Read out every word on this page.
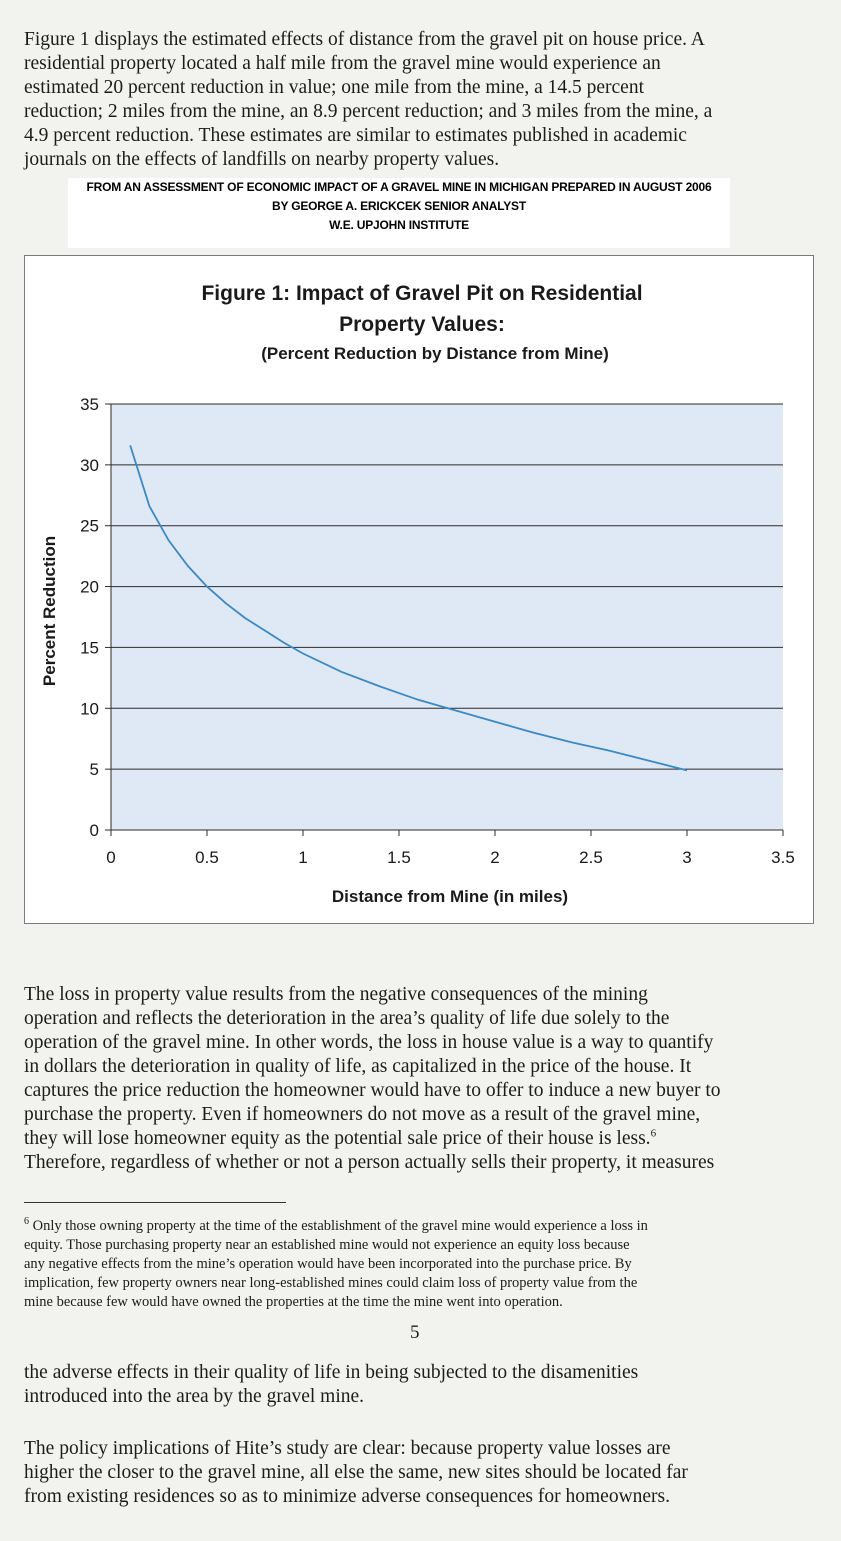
Figure 1 displays the estimated effects of distance from the gravel pit on house price. A
residential property located a half mile from the gravel mine would experience an
estimated 20 percent reduction in value; one mile from the mine, a 14.5 percent
reduction; 2 miles from the mine, an 8.9 percent reduction; and 3 miles from the mine, a
4.9 percent reduction. These estimates are similar to estimates published in academic
journals on the effects of landfills on nearby property values.
FROM AN ASSESSMENT OF ECONOMIC IMPACT OF A GRAVEL MINE IN MICHIGAN PREPARED IN AUGUST 2006
BY GEORGE A. ERICKCEK SENIOR ANALYST
W.E. UPJOHN INSTITUTE
Figure 1: Impact of Gravel Pit on Residential
Property Values:
(Percent Reduction by Distance from Mine)
0
5
10
15
20
25
30
35
0	0.5	1	1.5	2	2.5	3	3.5
Percent Reduction
Distance from Mine (in miles)
The loss in property value results from the negative consequences of the mining
operation and reflects the deterioration in the area’s quality of life due solely to the
operation of the gravel mine. In other words, the loss in house value is a way to quantify
in dollars the deterioration in quality of life, as capitalized in the price of the house. It
captures the price reduction the homeowner would have to offer to induce a new buyer to
purchase the property. Even if homeowners do not move as a result of the gravel mine,
they will lose homeowner equity as the potential sale price of their house is less.$^6$
Therefore, regardless of whether or not a person actually sells their property, it measures
$^6$ Only those owning property at the time of the establishment of the gravel mine would experience a loss in
equity. Those purchasing property near an established mine would not experience an equity loss because
any negative effects from the mine’s operation would have been incorporated into the purchase price. By
implication, few property owners near long-established mines could claim loss of property value from the
mine because few would have owned the properties at the time the mine went into operation.
5
the adverse effects in their quality of life in being subjected to the disamenities
introduced into the area by the gravel mine.
The policy implications of Hite’s study are clear: because property value losses are
higher the closer to the gravel mine, all else the same, new sites should be located far
from existing residences so as to minimize adverse consequences for homeowners.
